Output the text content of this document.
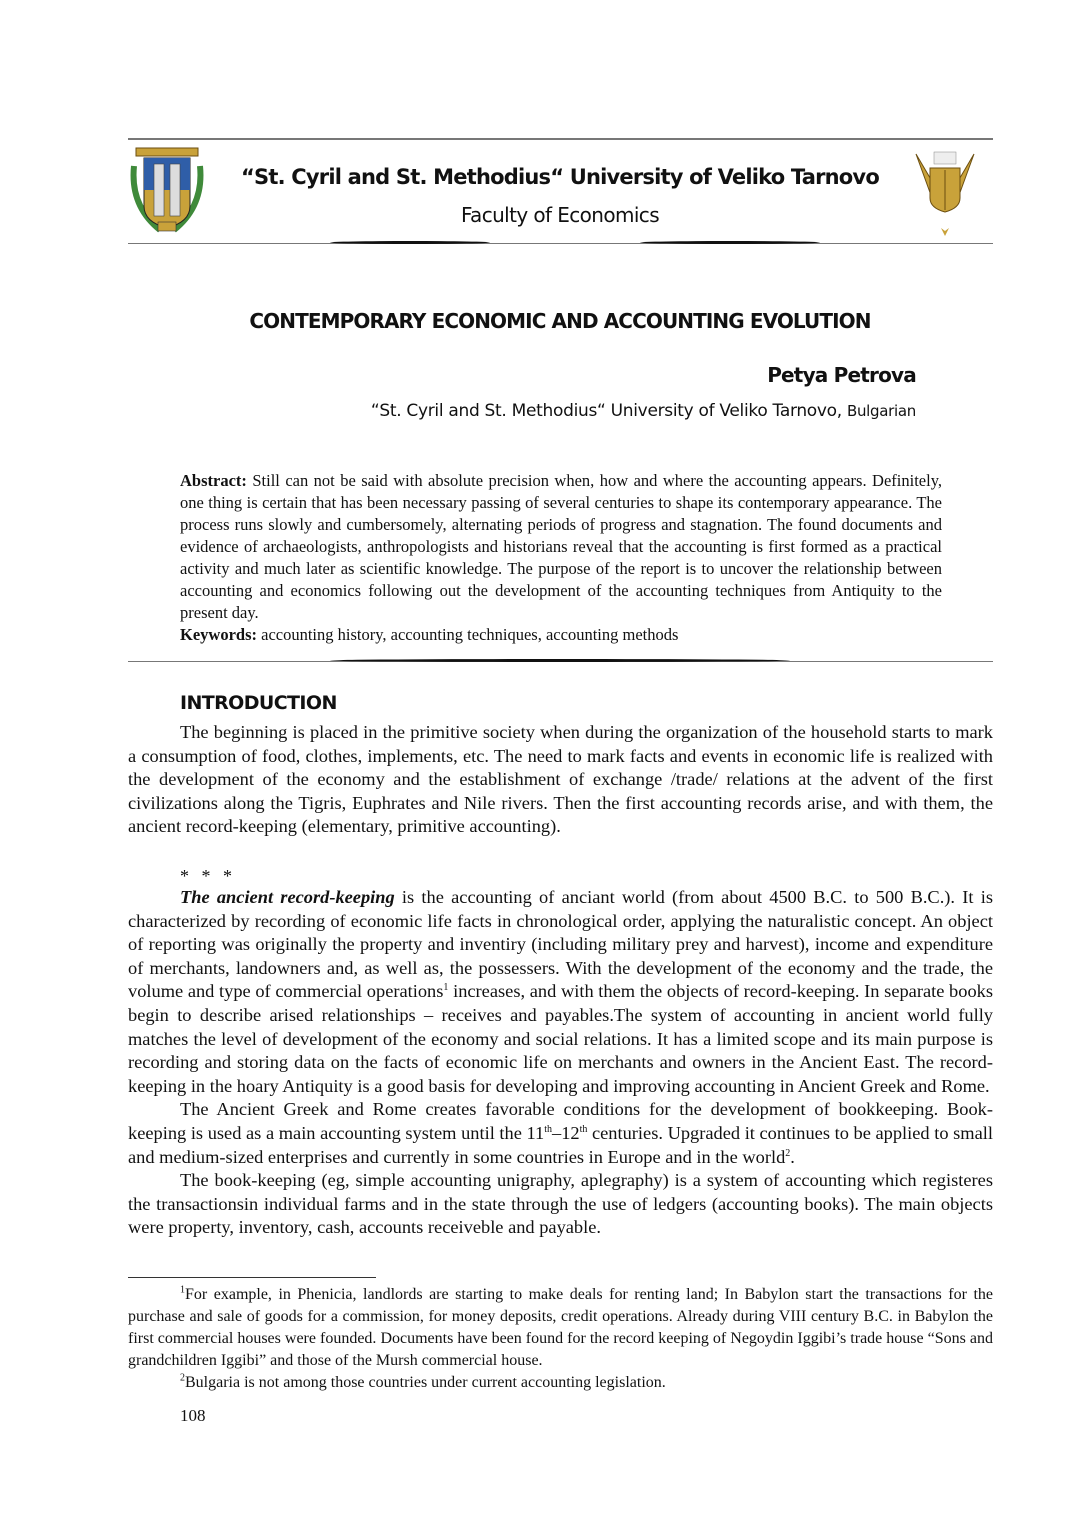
“St. Cyril and St. Methodius“ University of Veliko Tarnovo
Faculty of Economics
CONTEMPORARY ECONOMIC AND ACCOUNTING EVOLUTION
Petya Petrova
“St. Cyril and St. Methodius“ University of Veliko Tarnovo, Bulgarian
Abstract: Still can not be said with absolute precision when, how and where the accounting appears. Definitely, one thing is certain that has been necessary passing of several centuries to shape its contemporary appearance. The process runs slowly and cumbersomely, alternating periods of progress and stagnation. The found documents and evidence of archaeologists, anthropologists and historians reveal that the accounting is first formed as a practical activity and much later as scientific knowledge. The purpose of the report is to uncover the relationship between accounting and economics following out the development of the accounting techniques from Antiquity to the present day.
Keywords: accounting history, accounting techniques, accounting methods
INTRODUCTION

The beginning is placed in the primitive society when during the organization of the household starts to mark a consumption of food, clothes, implements, etc. The need to mark facts and events in economic life is realized with the development of the economy and the establishment of exchange /trade/ relations at the advent of the first civilizations along the Tigris, Euphrates and Nile rivers. Then the first accounting records arise, and with them, the ancient record-keeping (elementary, primitive accounting).

* * *

The ancient record-keeping is the accounting of anciant world (from about 4500 B.C. to 500 B.C.). It is characterized by recording of economic life facts in chronological order, applying the naturalistic concept. An object of reporting was originally the property and inventiry (including military prey and harvest), income and expenditure of merchants, landowners and, as well as, the possessers. With the development of the economy and the trade, the volume and type of commercial operations$^1$ increases, and with them the objects of record-keeping. In separate books begin to describe arised relationships – receives and payables.The system of accounting in ancient world fully matches the level of development of the economy and social relations. It has a limited scope and its main purpose is recording and storing data on the facts of economic life on merchants and owners in the Ancient East. The record-keeping in the hoary Antiquity is a good basis for developing and improving accounting in Ancient Greek and Rome.

The Ancient Greek and Rome creates favorable conditions for the development of bookkeeping. Book-keeping is used as a main accounting system until the 11th–12th centuries. Upgraded it continues to be applied to small and medium-sized enterprises and currently in some countries in Europe and in the world$^2$.

The book-keeping (eg, simple accounting unigraphy, aplegraphy) is a system of accounting which registeres the transactionsin individual farms and in the state through the use of ledgers (accounting books). The main objects were property, inventory, cash, accounts receiveble and payable.

$^1$For example, in Phenicia, landlords are starting to make deals for renting land; In Babylon start the transactions for the purchase and sale of goods for a commission, for money deposits, credit operations. Already during VIII century B.C. in Babylon the first commercial houses were founded. Documents have been found for the record keeping of Negoydin Iggibi’s trade house “Sons and grandchildren Iggibi” and those of the Mursh commercial house.

$^2$Bulgaria is not among those countries under current accounting legislation.

108
